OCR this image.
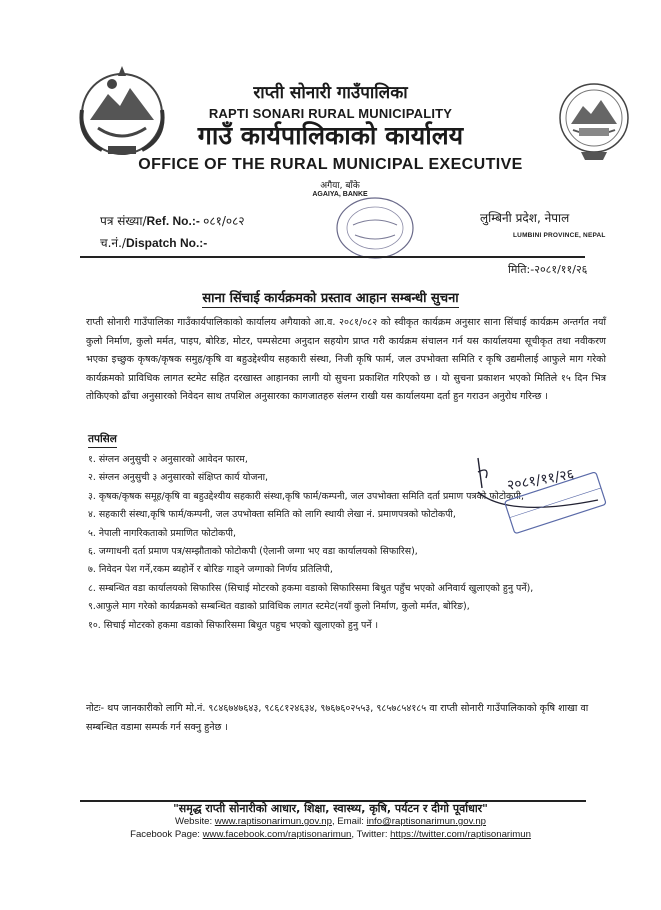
राप्ती सोनारी गाउँपालिका
RAPTI SONARI RURAL MUNICIPALITY
गाउँ कार्यपालिकाको कार्यालय
OFFICE OF THE RURAL MUNICIPAL EXECUTIVE
अगैया, बाँके
AGAIYA, BANKE
पत्र संख्या/Ref. No.:- ०८१/०८२
च.नं./Dispatch No.:-
लुम्बिनी प्रदेश, नेपाल
LUMBINI PROVINCE, NEPAL
मिति:-२०८१/११/२६
साना सिंचाई कार्यक्रमको प्रस्ताव आहान सम्बन्धी सुचना

राप्ती सोनारी गाउँपालिका गाउँकार्यपालिकाको कार्यालय अगैयाको आ.व. २०८१/०८२ को स्वीकृत कार्यक्रम अनुसार साना सिंचाई कार्यक्रम अन्तर्गत नयाँ कुलो निर्माण, कुलो मर्मत, पाइप, बोरिङ, मोटर, पम्पसेटमा अनुदान सहयोग प्राप्त गरी कार्यक्रम संचालन गर्न यस कार्यालयमा सूचीकृत तथा नवीकरण भएका इच्छुक कृषक/कृषक समुह/कृषि वा बहुउद्देश्यीय सहकारी संस्था, निजी कृषि फार्म, जल उपभोक्ता समिति र कृषि उद्यमीलाई आफुले माग गरेको कार्यक्रमको प्राविधिक लागत स्टमेट सहित दरखास्त आहानका लागी यो सुचना प्रकाशित गरिएको छ । यो सुचना प्रकाशन भएको मितिले १५ दिन भित्र तोकिएको ढाँचा अनुसारको निवेदन साथ तपशिल अनुसारका कागजातहरु संलग्न राखी यस कार्यालयमा दर्ता हुन गराउन अनुरोध गरिन्छ ।

तपसिल
१. संग्लन अनुसुची २ अनुसारको आवेदन फारम,
२. संग्लन अनुसुची ३ अनुसारको संक्षिप्त कार्य योजना,
३. कृषक/कृषक समूह/कृषि वा बहुउद्देश्यीय सहकारी संस्था,कृषि फार्म/कम्पनी, जल उपभोक्ता समिति दर्ता प्रमाण पत्रको फोटोकपी,
४. सहकारी संस्था,कृषि फार्म/कम्पनी, जल उपभोक्ता समिति को लागि स्थायी लेखा नं. प्रमाणपत्रको फोटोकपी,
५. नेपाली नागरिकताको प्रमाणित फोटोकपी,
६. जग्गाधनी दर्ता प्रमाण पत्र/सम्झौताको फोटोकपी (ऐलानी जग्गा भए वडा कार्यालयको सिफारिस),
७. निवेदन पेश गर्ने,रकम ब्यहोर्ने र बोरिङ गाड्ने जग्गाको निर्णय प्रतिलिपी,
८. सम्बन्धित वडा कार्यालयको सिफारिस (सिचाई मोटरको हकमा वडाको सिफारिसमा बिधुत पहुँच भएको अनिवार्य खुलाएको हुनु पर्ने),
९.आफुले माग गरेको कार्यक्रमको सम्बन्धित वडाको प्राविधिक लागत स्टमेट(नयाँ कुलो निर्माण, कुलो मर्मत, बोरिङ),
१०. सिचाई मोटरको हकमा वडाको सिफारिसमा बिधुत पहुच भएको खुलाएको हुनु पर्ने ।
२०८१/११/२६

नोटः- थप जानकारीको लागि मो.नं. ९८४६७४७६४३, ९८६८१२४६३४, ९७६७६०२५५३, ९८५७८५४१८५ वा राप्ती सोनारी गाउँपालिकाको कृषि शाखा वा सम्बन्धित वडामा सम्पर्क गर्न सक्नु हुनेछ ।

"समृद्ध राप्ती सोनारीको आधार, शिक्षा, स्वास्थ्य, कृषि, पर्यटन र दीगो पूर्वाधार"
Website: www.raptisonarimun.gov.np, Email: info@raptisonarimun.gov.np
Facebook Page: www.facebook.com/raptisonarimun, Twitter: https://twitter.com/raptisonarimun
